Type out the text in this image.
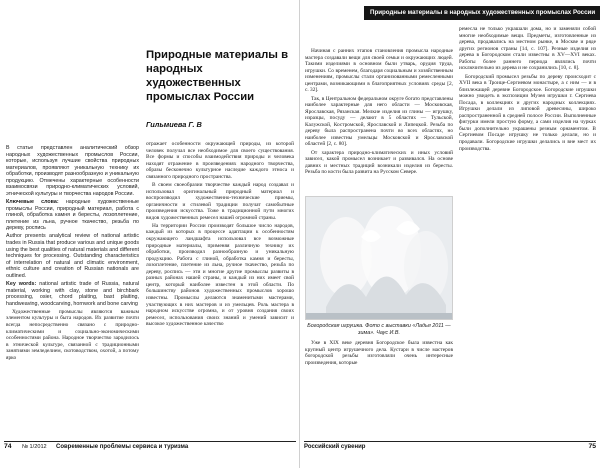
Природные материалы в народных художественных промыслах России
Природные материалы в народных художественных промыслах России
Гильмиева Г. В

В статье представлен аналитический обзор народных художественных промыслов России, которые, используя лучшие свойства природных материалов, проявляют уникальную технику их обработки, производят разнообразную и уникальную продукцию. Отмечены характерные особенности взаимосвязи природно-климатических условий, этнической культуры и творчества народов России.

Ключевые слова: народные художественные промыслы России, природный материал, работа с глиной, обработка камня и бересты, лозоплетение, плетение из льна, ручное ткачество, резьба по дереву, роспись

Author presents analytical review of national artistic trades in Russia that produce various and unique goods using the best qualities of natural materials and different techniques for processing. Outstanding characteristics of interrelation of natural and climatic environment, ethnic culture and creation of Russian nationals are outlined.

Key words: national artistic trade of Russia, natural material, working with clay, stone and birchbark processing, osier, chord plaiting, bast plaiting, handweaving, woodcarving, hornwork and bone carving

Художественные промыслы являются важным элементом культуры и быта народов. Их развитие почти всегда непосредственно связано с природно-климатическими и социально-экономическими особенностями района. Народное творчество зародилось в этнической культуре, связанной с традиционными занятиями земледелием, скотоводством, охотой, а потому ярко

отражает особенности окружающей природы, из которой человек получал все необходимое для своего существования. Все формы и способы взаимодействия природы и человека находят отражение в произведениях народного творчества, образы бесконечно культурное наследие каждого этноса и связанного природного пространства.

В своем своеобразии творчестве каждый народ создавал и использовал оригинальный природный материал и воспроизводил художественно-технические приемы, органичности и стилевой традиции получат самобытные произведения искусства. Тоже в традиционной пути многих видов художественных ремесел нашей огромной страны.

На территории России производят большое число народов, каждый из которых в процессе адаптации к особенностям окружающего ландшафта использовал все возможные природные материалы, применяя различную технику их обработки, производил разнообразную и уникальную продукцию. Работа с глиной, обработка камня и бересты, лозоплетение, плетение из льна, ручное ткачество, резьба по дереву, роспись — эти и многие другие промыслы развиты в разных районах нашей страны, и каждый из них имеет свой центр, который наиболее известен в этой области. По большинству районов художественных промыслов хорошо известны. Промыслы делаются знаменитыми мастерами, участвующих в них мастеров и из умельцев. Роль мастера в народном искусстве огромна, и от уровня создания своих ремесел, использования своих знаний и умений зависит и высокое художественное качество

Начиная с ранних этапов становления промысла народные мастера создавали вещи для своей семьи и окружающих людей. Такими изделиями в основном были утварь, орудия труда, игрушки. Со временем, благодаря социальным и хозяйственным изменениям, промыслы стали организованными ремесленными центрами, возникающими в благоприятных условиях среды [2, с. 32].

Так, в Центральном федеральном округе богато представлены наиболее характерные для него области — Московская, Ярославская, Рязанская. Мелкие изделия из глины — игрушку, изразцы, посуду — делают в 5 областях — Тульской, Калужской, Костромской, Ярославской и Липецкой. Резьба по дереву была распространена почти во всех областях, но наиболее известны умельцы Московской и Ярославской областей [2, с. 80].

От характера природно-климатических и иных условий зависел, какой промысел возникает и развивался. На основе давних и местных традиций возникали изделия из бересты. Резьба по кости была развита на Русском Севере.

Богородская игрушка. Фото с выставки «Ладья 2011 — зима». Чаус И.В.

Уже в XIX веке деревня Богородское была известна как крупный центр игрушечного дела. Кустари в числе мастеров богородской резьбы изготовляли очень интересные произведения, которые

ремесла не только украшали дома, но и заменяли собой многие необходимые вещи. Предметы, изготовленные из дерева, продавались на местном рынке, в Москве и ряде других регионов страны [14, с. 107]. Резные изделия из дерева в Богородском стали известны в XV—XVI веках. Работы более раннего периода являлись почти исключительно из дерева и не сохранились [10, с. 8].

Богородский промысел резьбы по дереву происходит с XVII века в Троице-Сергиевом монастыре, а с ним — и в близлежащей деревне Богородское. Богородские игрушки можно увидеть в экспозиции Музея игрушки г. Сергиева Посада, в коллекциях и других народных коллекциях. Игрушки делали из липовой древесины, широко распространенной в средней полосе России. Выполненные фигурки имели простую форму, а сами изделия на чурках были дополнительно украшены резным орнаментом. В Сергиевом Посаде игрушку не только делали, но и продавали. Богородские игрушки делались и вне мест их производства.

74 № 1/2012 Современные проблемы сервиса и туризма	Российский сувенир	75
